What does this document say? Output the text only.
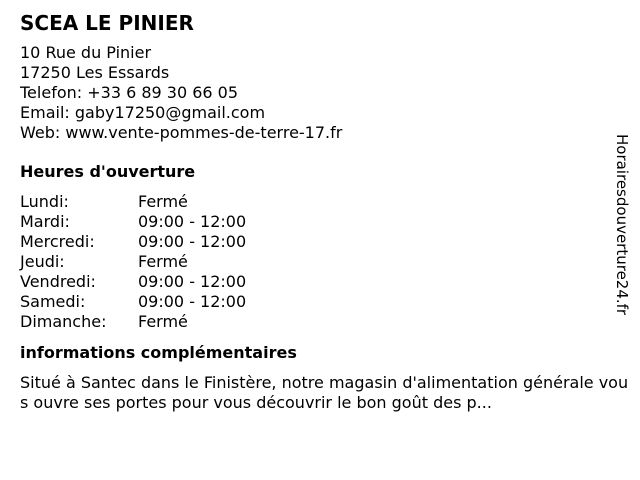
SCEA LE PINIER
10 Rue du Pinier
17250 Les Essards
Telefon: +33 6 89 30 66 05
Email: gaby17250@gmail.com
Web: www.vente-pommes-de-terre-17.fr
Heures d'ouverture
Lundi:	Fermé
Mardi:	09:00 - 12:00
Mercredi:	09:00 - 12:00
Jeudi:	Fermé
Vendredi:	09:00 - 12:00
Samedi:	09:00 - 12:00
Dimanche:	Fermé
informations complémentaires
Situé à Santec dans le Finistère, notre magasin d'alimentation générale vous ouvre ses portes pour vous découvrir le bon goût des p...
Horairesdouverture24.fr
